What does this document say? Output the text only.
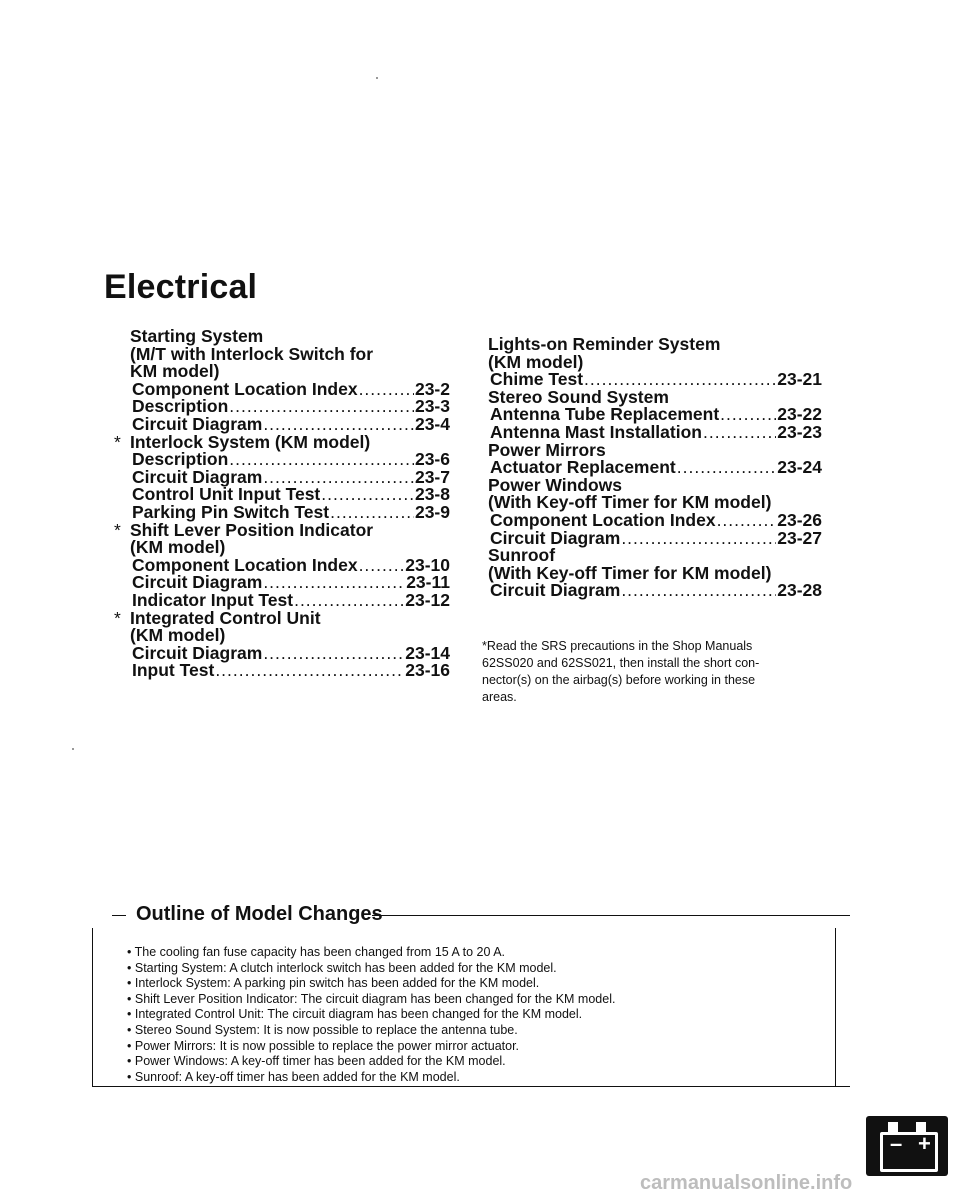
Electrical
Starting System
(M/T with Interlock Switch for
KM model)
Component Location Index .....	23-2
Description .....	23-3
Circuit Diagram .....	23-4
* Interlock System (KM model)
Description .....	23-6
Circuit Diagram .....	23-7
Control Unit Input Test .....	23-8
Parking Pin Switch Test .....	23-9
* Shift Lever Position Indicator
(KM model)
Component Location Index .....	23-10
Circuit Diagram .....	23-11
Indicator Input Test .....	23-12
* Integrated Control Unit
(KM model)
Circuit Diagram .....	23-14
Input Test .....	23-16
Lights-on Reminder System
(KM model)
Chime Test .....	23-21
Stereo Sound System
Antenna Tube Replacement .....	23-22
Antenna Mast Installation .....	23-23
Power Mirrors
Actuator Replacement .....	23-24
Power Windows
(With Key-off Timer for KM model)
Component Location Index .....	23-26
Circuit Diagram .....	23-27
Sunroof
(With Key-off Timer for KM model)
Circuit Diagram .....	23-28
*Read the SRS precautions in the Shop Manuals
62SS020 and 62SS021, then install the short con-
nector(s) on the airbag(s) before working in these
areas.
Outline of Model Changes
• The cooling fan fuse capacity has been changed from 15 A to 20 A.
• Starting System: A clutch interlock switch has been added for the KM model.
• Interlock System: A parking pin switch has been added for the KM model.
• Shift Lever Position Indicator: The circuit diagram has been changed for the KM model.
• Integrated Control Unit: The circuit diagram has been changed for the KM model.
• Stereo Sound System: It is now possible to replace the antenna tube.
• Power Mirrors: It is now possible to replace the power mirror actuator.
• Power Windows: A key-off timer has been added for the KM model.
• Sunroof: A key-off timer has been added for the KM model.
– +
carmanualsonline.info
